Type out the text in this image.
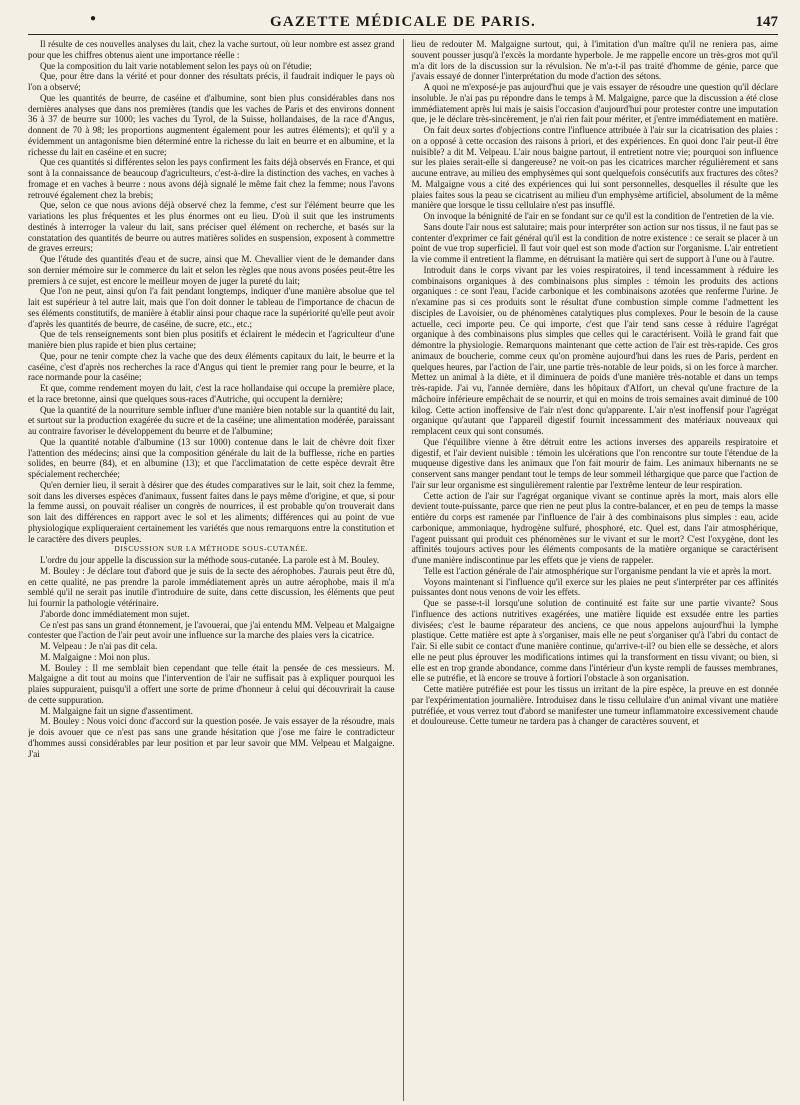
●	GAZETTE MÉDICALE DE PARIS.	147

Il résulte de ces nouvelles analyses du lait, chez la vache surtout, où leur nombre est assez grand pour que les chiffres obtenus aient une importance réelle :

Que la composition du lait varie notablement selon les pays où on l'étudie;

Que, pour être dans la vérité et pour donner des résultats précis, il faudrait indiquer le pays où l'on a observé;

Que les quantités de beurre, de caséine et d'albumine, sont bien plus considérables dans nos dernières analyses que dans nos premières (tandis que les vaches de Paris et des environs donnent 36 à 37 de beurre sur 1000; les vaches du Tyrol, de la Suisse, hollandaises, de la race d'Angus, donnent de 70 à 98; les proportions augmentent également pour les autres éléments); et qu'il y a évidemment un antagonisme bien déterminé entre la richesse du lait en beurre et en albumine, et la richesse du lait en caséine et en sucre;

Que ces quantités si différentes selon les pays confirment les faits déjà observés en France, et qui sont à la connaissance de beaucoup d'agriculteurs, c'est-à-dire la distinction des vaches, en vaches à fromage et en vaches à beurre : nous avons déjà signalé le même fait chez la femme; nous l'avons retrouvé également chez la brebis;

Que, selon ce que nous avions déjà observé chez la femme, c'est sur l'élément beurre que les variations les plus fréquentes et les plus énormes ont eu lieu. D'où il suit que les instruments destinés à interroger la valeur du lait, sans préciser quel élément on recherche, et basés sur la constatation des quantités de beurre ou autres matières solides en suspension, exposent à commettre de graves erreurs;

Que l'étude des quantités d'eau et de sucre, ainsi que M. Chevallier vient de le demander dans son dernier mémoire sur le commerce du lait et selon les règles que nous avons posées peut-être les premiers à ce sujet, est encore le meilleur moyen de juger la pureté du lait;

Que l'on ne peut, ainsi qu'on l'a fait pendant longtemps, indiquer d'une manière absolue que tel lait est supérieur à tel autre lait, mais que l'on doit donner le tableau de l'importance de chacun de ses éléments constitutifs, de manière à établir ainsi pour chaque race la supériorité qu'elle peut avoir d'après les quantités de beurre, de caséine, de sucre, etc., etc.;

Que de tels renseignements sont bien plus positifs et éclairent le médecin et l'agriculteur d'une manière bien plus rapide et bien plus certaine;

Que, pour ne tenir compte chez la vache que des deux éléments capitaux du lait, le beurre et la caséine, c'est d'après nos recherches la race d'Angus qui tient le premier rang pour le beurre, et la race normande pour la caséine;

Et que, comme rendement moyen du lait, c'est la race hollandaise qui occupe la première place, et la race bretonne, ainsi que quelques sous-races d'Autriche, qui occupent la dernière;

Que la quantité de la nourriture semble influer d'une manière bien notable sur la quantité du lait, et surtout sur la production exagérée du sucre et de la caséine; une alimentation modérée, paraissant au contraire favoriser le développement du beurre et de l'albumine;

Que la quantité notable d'albumine (13 sur 1000) contenue dans le lait de chèvre doit fixer l'attention des médecins; ainsi que la composition générale du lait de la bufflesse, riche en parties solides, en beurre (84), et en albumine (13); et que l'acclimatation de cette espèce devrait être spécialement recherchée;

Qu'en dernier lieu, il serait à désirer que des études comparatives sur le lait, soit chez la femme, soit dans les diverses espèces d'animaux, fussent faites dans le pays même d'origine, et que, si pour la femme aussi, on pouvait réaliser un congrès de nourrices, il est probable qu'on trouverait dans son lait des différences en rapport avec le sol et les aliments; différences qui au point de vue physiologique expliqueraient certainement les variétés que nous remarquons entre la constitution et le caractère des divers peuples.

DISCUSSION SUR LA MÉTHODE SOUS-CUTANÉE.

L'ordre du jour appelle la discussion sur la méthode sous-cutanée. La parole est à M. Bouley.

M. Bouley : Je déclare tout d'abord que je suis de la secte des aérophobes. J'aurais peut être dû, en cette qualité, ne pas prendre la parole immédiatement après un autre aérophobe, mais il m'a semblé qu'il ne serait pas inutile d'introduire de suite, dans cette discussion, les éléments que peut lui fournir la pathologie vétérinaire.

J'aborde donc immédiatement mon sujet.

Ce n'est pas sans un grand étonnement, je l'avouerai, que j'ai entendu MM. Velpeau et Malgaigne contester que l'action de l'air peut avoir une influence sur la marche des plaies vers la cicatrice.

M. Velpeau : Je n'ai pas dit cela.

M. Malgaigne : Moi non plus.

M. Bouley : Il me semblait bien cependant que telle était la pensée de ces messieurs. M. Malgaigne a dit tout au moins que l'intervention de l'air ne suffisait pas à expliquer pourquoi les plaies suppuraient, puisqu'il a offert une sorte de prime d'honneur à celui qui découvrirait la cause de cette suppuration.

M. Malgaigne fait un signe d'assentiment.

M. Bouley : Nous voici donc d'accord sur la question posée. Je vais essayer de la résoudre, mais je dois avouer que ce n'est pas sans une grande hésitation que j'ose me faire le contradicteur d'hommes aussi considérables par leur position et par leur savoir que MM. Velpeau et Malgaigne. J'ai

lieu de redouter M. Malgaigne surtout, qui, à l'imitation d'un maître qu'il ne reniera pas, aime souvent pousser jusqu'à l'excès la mordante hyperbole. Je me rappelle encore un très-gros mot qu'il m'a dit lors de la discussion sur la révulsion. Ne m'a-t-il pas traité d'homme de génie, parce que j'avais essayé de donner l'interprétation du mode d'action des sétons.

A quoi ne m'exposé-je pas aujourd'hui que je vais essayer de résoudre une question qu'il déclare insoluble. Je n'ai pas pu répondre dans le temps à M. Malgaigne, parce que la discussion a été close immédiatement après lui mais je saisis l'occasion d'aujourd'hui pour protester contre une imputation que, je le déclare très-sincèrement, je n'ai rien fait pour mériter, et j'entre immédiatement en matière.

On fait deux sortes d'objections contre l'influence attribuée à l'air sur la cicatrisation des plaies : on a opposé à cette occasion des raisons à priori, et des expériences. En quoi donc l'air peut-il être nuisible? a dit M. Velpeau. L'air nous baigne partout, il entretient notre vie; pourquoi son influence sur les plaies serait-elle si dangereuse? ne voit-on pas les cicatrices marcher régulièrement et sans aucune entrave, au milieu des emphysèmes qui sont quelquefois consécutifs aux fractures des côtes? M. Malgaigne vous a cité des expériences qui lui sont personnelles, desquelles il résulte que les plaies faites sous la peau se cicatrisent au milieu d'un emphysème artificiel, absolument de la même manière que lorsque le tissu cellulaire n'est pas insufflé.

On invoque la bénignité de l'air en se fondant sur ce qu'il est la condition de l'entretien de la vie.

Sans doute l'air nous est salutaire; mais pour interpréter son action sur nos tissus, il ne faut pas se contenter d'exprimer ce fait général qu'il est la condition de notre existence : ce serait se placer à un point de vue trop superficiel. Il faut voir quel est son mode d'action sur l'organisme. L'air entretient la vie comme il entretient la flamme, en détruisant la matière qui sert de support à l'une ou à l'autre.

Introduit dans le corps vivant par les voies respiratoires, il tend incessamment à réduire les combinaisons organiques à des combinaisons plus simples : témoin les produits des actions organiques : ce sont l'eau, l'acide carbonique et les combinaisons azotées que renferme l'urine. Je n'examine pas si ces produits sont le résultat d'une combustion simple comme l'admettent les disciples de Lavoisier, ou de phénomènes catalytiques plus complexes. Pour le besoin de la cause actuelle, ceci importe peu. Ce qui importe, c'est que l'air tend sans cesse à réduire l'agrégat organique à des combinaisons plus simples que celles qui le caractérisent. Voilà le grand fait que démontre la physiologie. Remarquons maintenant que cette action de l'air est très-rapide. Ces gros animaux de boucherie, comme ceux qu'on promène aujourd'hui dans les rues de Paris, perdent en quelques heures, par l'action de l'air, une partie très-notable de leur poids, si on les force à marcher. Mettez un animal à la diète, et il diminuera de poids d'une manière très-notable et dans un temps très-rapide. J'ai vu, l'année dernière, dans les hôpitaux d'Alfort, un cheval qu'une fracture de la mâchoire inférieure empêchait de se nourrir, et qui en moins de trois semaines avait diminué de 100 kilog. Cette action inoffensive de l'air n'est donc qu'apparente. L'air n'est inoffensif pour l'agrégat organique qu'autant que l'appareil digestif fournit incessamment des matériaux nouveaux qui remplacent ceux qui sont consumés.

Que l'équilibre vienne à être détruit entre les actions inverses des appareils respiratoire et digestif, et l'air devient nuisible : témoin les ulcérations que l'on rencontre sur toute l'étendue de la muqueuse digestive dans les animaux que l'on fait mourir de faim. Les animaux hibernants ne se conservent sans manger pendant tout le temps de leur sommeil léthargique que parce que l'action de l'air sur leur organisme est singulièrement ralentie par l'extrême lenteur de leur respiration.

Cette action de l'air sur l'agrégat organique vivant se continue après la mort, mais alors elle devient toute-puissante, parce que rien ne peut plus la contre-balancer, et en peu de temps la masse entière du corps est ramenée par l'influence de l'air à des combinaisons plus simples : eau, acide carbonique, ammoniaque, hydrogène sulfuré, phosphoré, etc. Quel est, dans l'air atmosphérique, l'agent puissant qui produit ces phénomènes sur le vivant et sur le mort? C'est l'oxygène, dont les affinités toujours actives pour les éléments composants de la matière organique se caractérisent d'une manière indiscontinue par les effets que je viens de rappeler.

Telle est l'action générale de l'air atmosphérique sur l'organisme pendant la vie et après la mort.

Voyons maintenant si l'influence qu'il exerce sur les plaies ne peut s'interpréter par ces affinités puissantes dont nous venons de voir les effets.

Que se passe-t-il lorsqu'une solution de continuité est faite sur une partie vivante? Sous l'influence des actions nutritives exagérées, une matière liquide est exsudée entre les parties divisées; c'est le baume réparateur des anciens, ce que nous appelons aujourd'hui la lymphe plastique. Cette matière est apte à s'organiser, mais elle ne peut s'organiser qu'à l'abri du contact de l'air. Si elle subit ce contact d'une manière continue, qu'arrive-t-il? ou bien elle se dessèche, et alors elle ne peut plus éprouver les modifications intimes qui la transforment en tissu vivant; ou bien, si elle est en trop grande abondance, comme dans l'intérieur d'un kyste rempli de fausses membranes, elle se putréfie, et là encore se trouve à fortiori l'obstacle à son organisation.

Cette matière putréfiée est pour les tissus un irritant de la pire espèce, la preuve en est donnée par l'expérimentation journalière. Introduisez dans le tissu cellulaire d'un animal vivant une matière putréfiée, et vous verrez tout d'abord se manifester une tumeur inflammatoire excessivement chaude et douloureuse. Cette tumeur ne tardera pas à changer de caractères souvent, et
